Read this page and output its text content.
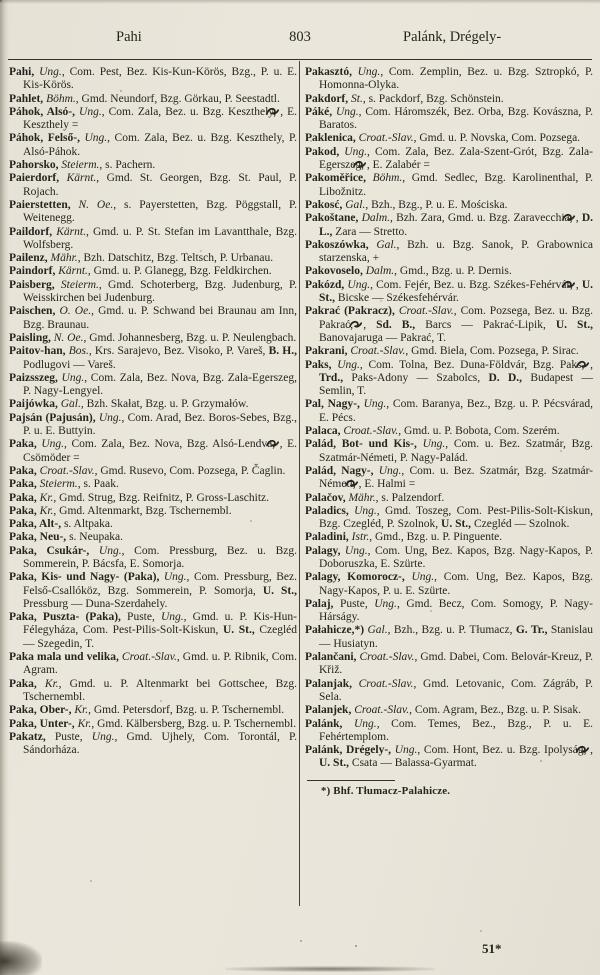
Pahi	803	Palánk, Drégely-

Pahi, Ung., Com. Pest, Bez. Kis-Kun-Körös, Bzg., P. u. E. Kis-Körös.

Pahlet, Böhm., Gmd. Neundorf, Bzg. Görkau, P. Seestadtl.

Páhok, Alsó-, Ung., Com. Zala, Bez. u. Bzg. Keszthely, , E. Keszthely =

Páhok, Felső-, Ung., Com. Zala, Bez. u. Bzg. Keszthely, P. Alsó-Páhok.

Pahorsko, Steierm., s. Pachern.

Paierdorf, Kärnt., Gmd. St. Georgen, Bzg. St. Paul, P. Rojach.

Paierstetten, N. Oe., s. Payerstetten, Bzg. Pöggstall, P. Weitenegg.

Paildorf, Kärnt., Gmd. u. P. St. Stefan im Lavantthale, Bzg. Wolfsberg.

Pailenz, Mähr., Bzh. Datschitz, Bzg. Teltsch, P. Urbanau.

Paindorf, Kärnt., Gmd. u. P. Glanegg, Bzg. Feldkirchen.

Paisberg, Steierm., Gmd. Schoterberg, Bzg. Judenburg, P. Weisskirchen bei Judenburg.

Paischen, O. Oe., Gmd. u. P. Schwand bei Braunau am Inn, Bzg. Braunau.

Paisling, N. Oe., Gmd. Johannesberg, Bzg. u. P. Neulengbach.

Paitov-han, Bos., Krs. Sarajevo, Bez. Visoko, P. Vareš, B. H., Podlugovi — Vareš.

Paizsszeg, Ung., Com. Zala, Bez. Nova, Bzg. Zala-Egerszeg, P. Nagy-Lengyel.

Paijówka, Gal., Bzh. Skałat, Bzg. u. P. Grzymałów.

Pajsán (Pajusán), Ung., Com. Arad, Bez. Boros-Sebes, Bzg., P. u. E. Buttyin.

Paka, Ung., Com. Zala, Bez. Nova, Bzg. Alsó-Lendva, , E. Csömöder =

Paka, Croat.-Slav., Gmd. Rusevo, Com. Pozsega, P. Čaglin.

Paka, Steierm., s. Paak.

Paka, Kr., Gmd. Strug, Bzg. Reifnitz, P. Gross-Laschitz.

Paka, Kr., Gmd. Altenmarkt, Bzg. Tschernembl.

Paka, Alt-, s. Altpaka.

Paka, Neu-, s. Neupaka.

Paka, Csukár-, Ung., Com. Pressburg, Bez. u. Bzg. Sommerein, P. Bácsfa, E. Somorja.

Paka, Kis- und Nagy- (Paka), Ung., Com. Pressburg, Bez. Felső-Csallóköz, Bzg. Sommerein, P. Somorja, U. St., Pressburg — Duna-Szerdahely.

Paka, Puszta- (Paka), Puste, Ung., Gmd. u. P. Kis-Hun-Félegyháza, Com. Pest-Pilis-Solt-Kiskun, U. St., Czegléd — Szegedin, T.

Paka mala und velika, Croat.-Slav., Gmd. u. P. Ribnik, Com. Agram.

Paka, Kr., Gmd. u. P. Altenmarkt bei Gottschee, Bzg. Tschernembl.

Paka, Ober-, Kr., Gmd. Petersdorf, Bzg. u. P. Tschernembl.

Paka, Unter-, Kr., Gmd. Kälbersberg, Bzg. u. P. Tschernembl.

Pakatz, Puste, Ung., Gmd. Ujhely, Com. Torontál, P. Sándorháza.

Pakasztó, Ung., Com. Zemplin, Bez. u. Bzg. Sztropkó, P. Homonna-Olyka.

Pakdorf, St., s. Packdorf, Bzg. Schönstein.

Páké, Ung., Com. Háromszék, Bez. Orba, Bzg. Kovászna, P. Baratos.

Paklenica, Croat.-Slav., Gmd. u. P. Novska, Com. Pozsega.

Pakod, Ung., Com. Zala, Bez. Zala-Szent-Grót, Bzg. Zala-Egerszeg, , E. Zalabér =

Pakoměřice, Böhm., Gmd. Sedlec, Bzg. Karolinenthal, P. Libožnitz.

Pakosć, Gal., Bzh., Bzg., P. u. E. Mościska.

Pakoštane, Dalm., Bzh. Zara, Gmd. u. Bzg. Zaravecchia, , D. L., Zara — Stretto.

Pakoszówka, Gal., Bzh. u. Bzg. Sanok, P. Grabownica starzenska, +

Pakovoselo, Dalm., Gmd., Bzg. u. P. Dernis.

Pakózd, Ung., Com. Fejér, Bez. u. Bzg. Székes-Fehérvár, , U. St., Bicske — Székesfehérvár.

Pakrać (Pakracz), Croat.-Slav., Com. Pozsega, Bez. u. Bzg. Pakrać, , Sd. B., Barcs — Pakrać-Lipik, U. St., Banovajaruga — Pakrać, T.

Pakrani, Croat.-Slav., Gmd. Biela, Com. Pozsega, P. Sirac.

Paks, Ung., Com. Tolna, Bez. Duna-Földvár, Bzg. Paks, , Trd., Paks-Adony — Szabolcs, D. D., Budapest — Semlin, T.

Pal, Nagy-, Ung., Com. Baranya, Bez., Bzg. u. P. Pécsvárad, E. Pécs.

Palaca, Croat.-Slav., Gmd. u. P. Bobota, Com. Szerém.

Palád, Bot- und Kis-, Ung., Com. u. Bez. Szatmár, Bzg. Szatmár-Németi, P. Nagy-Palád.

Palád, Nagy-, Ung., Com. u. Bez. Szatmár, Bzg. Szatmár-Németi, , E. Halmi =

Palačov, Mähr., s. Palzendorf.

Paladics, Ung., Gmd. Toszeg, Com. Pest-Pilis-Solt-Kiskun, Bzg. Czegléd, P. Szolnok, U. St., Czegléd — Szolnok.

Paladini, Istr., Gmd., Bzg. u. P. Pinguente.

Palagy, Ung., Com. Ung, Bez. Kapos, Bzg. Nagy-Kapos, P. Doboruszka, E. Szürte.

Palagy, Komorocz-, Ung., Com. Ung, Bez. Kapos, Bzg. Nagy-Kapos, P. u. E. Szürte.

Palaj, Puste, Ung., Gmd. Becz, Com. Somogy, P. Nagy-Hárságy.

Pałahicze,*) Gal., Bzh., Bzg. u. P. Tłumacz, G. Tr., Stanislau — Husiatyn.

Palančani, Croat.-Slav., Gmd. Dabei, Com. Belovár-Kreuz, P. Křiž.

Palanjak, Croat.-Slav., Gmd. Letovanic, Com. Zágráb, P. Sela.

Palanjek, Croat.-Slav., Com. Agram, Bez., Bzg. u. P. Sisak.

Palánk, Ung., Com. Temes, Bez., Bzg., P. u. E. Fehértemplom.

Palánk, Drégely-, Ung., Com. Hont, Bez. u. Bzg. Ipolyság, , U. St., Csata — Balassa-Gyarmat.

*) Bhf. Tłumacz-Palahicze.

51*
